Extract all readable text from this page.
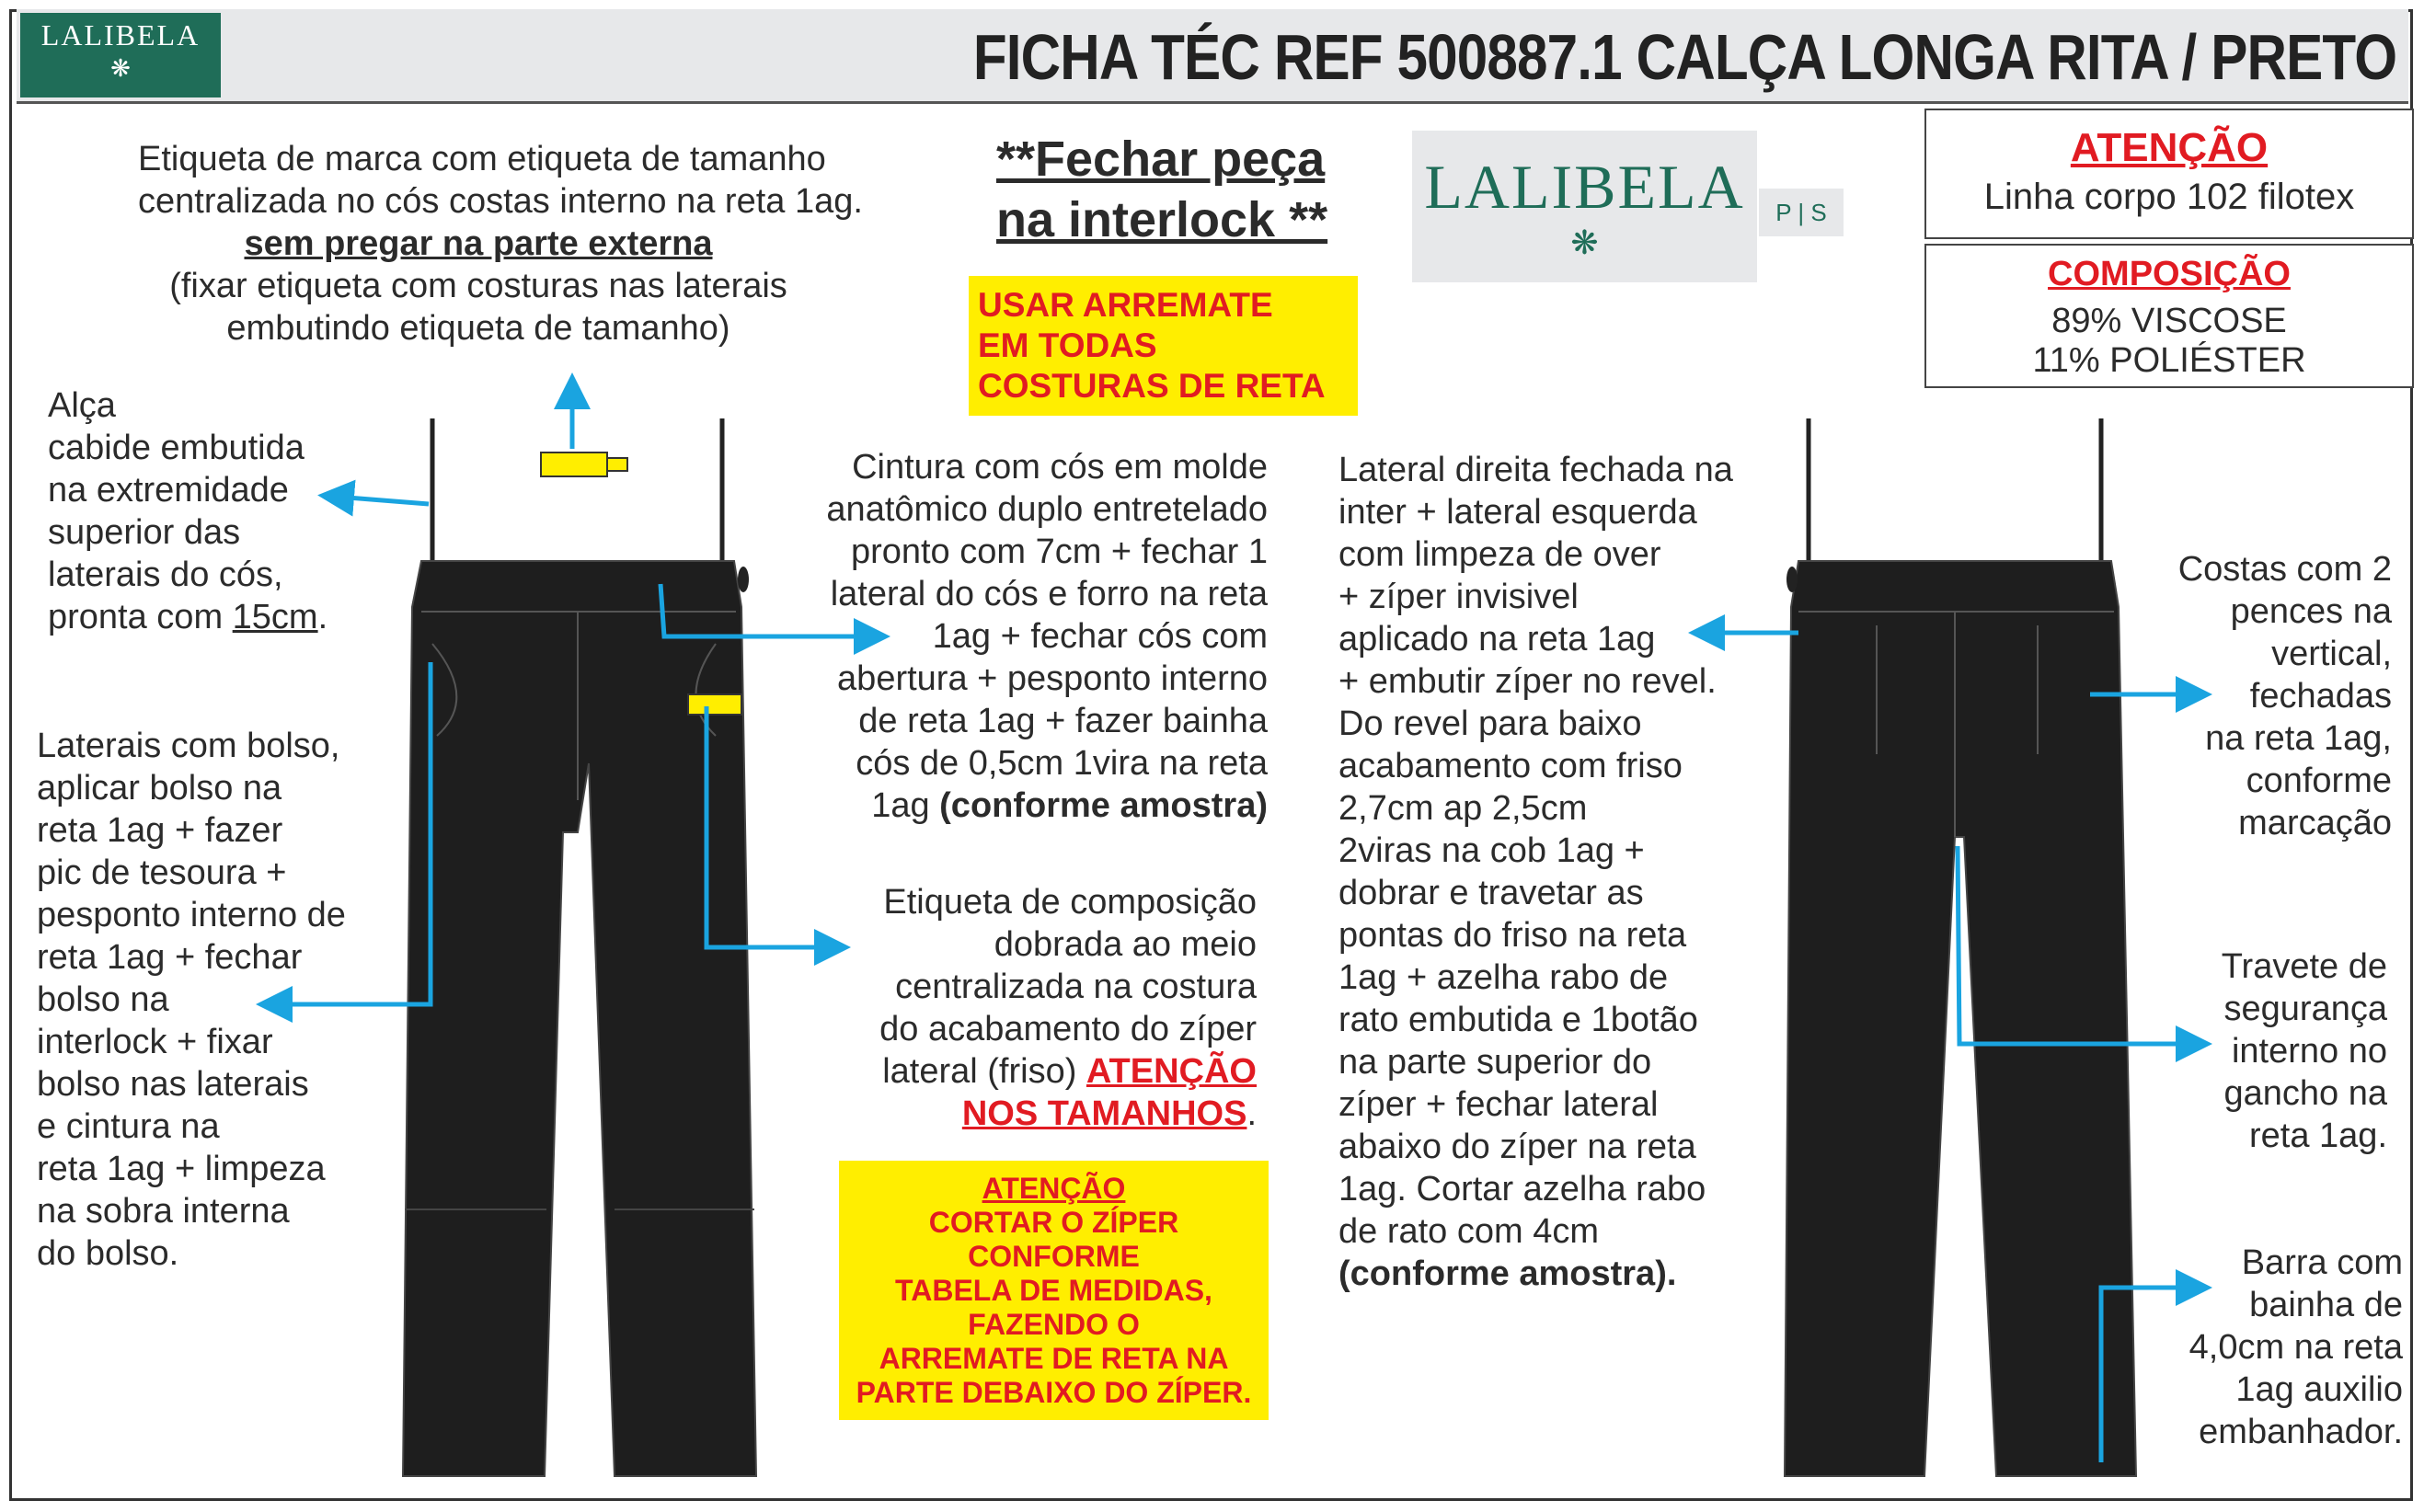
LALIBELA
❋	FICHA TÉC REF 500887.1 CALÇA LONGA RITA / PRETO
LALIBELA
❋
P | S
Etiqueta de marca com etiqueta de tamanho
centralizada no cós costas interno na reta 1ag.
sem pregar na parte externa
(fixar etiqueta com costuras nas laterais
embutindo etiqueta de tamanho)
**Fechar peça
na interlock **
USAR ARREMATE
EM TODAS
COSTURAS DE RETA
ATENÇÃO
Linha corpo 102 filotex
COMPOSIÇÃO
89% VISCOSE
11% POLIÉSTER
Alça
cabide embutida
na extremidade
superior das
laterais do cós,
pronta com 15cm.
Laterais com bolso,
aplicar bolso na
reta 1ag + fazer
pic de tesoura +
pesponto interno de
reta 1ag + fechar
bolso na
interlock + fixar
bolso nas laterais
e cintura na
reta 1ag + limpeza
na sobra interna
do bolso.
Cintura com cós em molde
anatômico duplo entretelado
pronto com 7cm + fechar 1
lateral do cós e forro na reta
1ag + fechar cós com
abertura + pesponto interno
de reta 1ag + fazer bainha
cós de 0,5cm 1vira na reta
1ag (conforme amostra)
Etiqueta de composição
dobrada ao meio
centralizada na costura
do acabamento do zíper
lateral (friso) ATENÇÃO
NOS TAMANHOS.
ATENÇÃO
CORTAR O ZÍPER
CONFORME
TABELA DE MEDIDAS,
FAZENDO O
ARREMATE DE RETA NA
PARTE DEBAIXO DO ZÍPER.
Lateral direita fechada na
inter + lateral esquerda
com limpeza de over
+ zíper invisivel
aplicado na reta 1ag
+ embutir zíper no revel.
Do revel para baixo
acabamento com friso
2,7cm ap 2,5cm
2viras na cob 1ag +
dobrar e travetar as
pontas do friso na reta
1ag + azelha rabo de
rato embutida e 1botão
na parte superior do
zíper + fechar lateral
abaixo do zíper na reta
1ag. Cortar azelha rabo
de rato com 4cm
(conforme amostra).
Costas com 2
pences na
vertical,
fechadas
na reta 1ag,
conforme
marcação
Travete de
segurança
interno no
gancho na
reta 1ag.
Barra com
bainha de
4,0cm na reta
1ag auxilio
embanhador.
